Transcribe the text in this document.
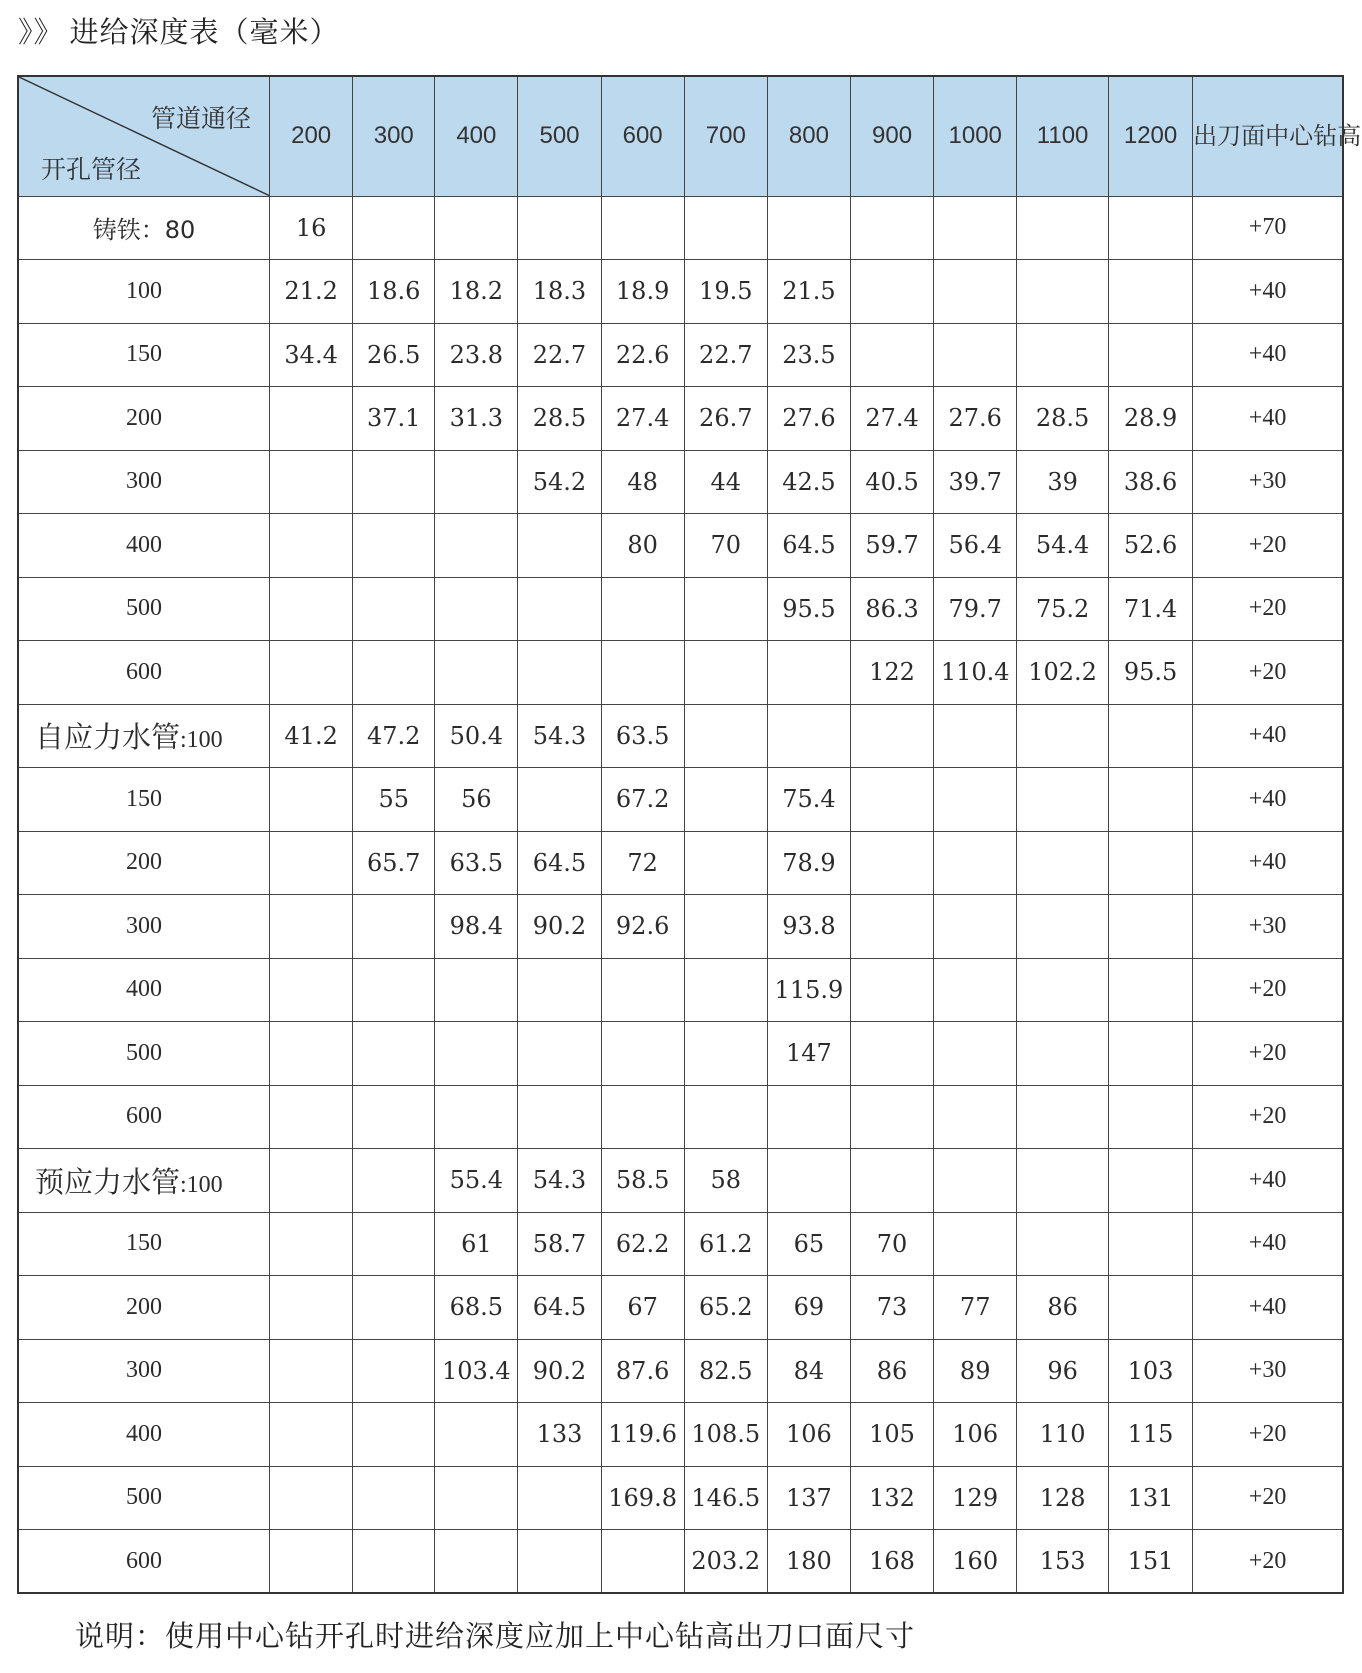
》》 进给深度表（毫米）
管道通径
开孔管径	200	300	400	500	600	700	800	900	1000	1100	1200	出刀面中心钻高
铸铁：80	16											+70
100	21.2	18.6	18.2	18.3	18.9	19.5	21.5					+40
150	34.4	26.5	23.8	22.7	22.6	22.7	23.5					+40
200		37.1	31.3	28.5	27.4	26.7	27.6	27.4	27.6	28.5	28.9	+40
300				54.2	48	44	42.5	40.5	39.7	39	38.6	+30
400					80	70	64.5	59.7	56.4	54.4	52.6	+20
500							95.5	86.3	79.7	75.2	71.4	+20
600								122	110.4	102.2	95.5	+20
自应力水管:100	41.2	47.2	50.4	54.3	63.5							+40
150		55	56		67.2		75.4					+40
200		65.7	63.5	64.5	72		78.9					+40
300			98.4	90.2	92.6		93.8					+30
400							115.9					+20
500							147					+20
600												+20
预应力水管:100			55.4	54.3	58.5	58						+40
150			61	58.7	62.2	61.2	65	70				+40
200			68.5	64.5	67	65.2	69	73	77	86		+40
300			103.4	90.2	87.6	82.5	84	86	89	96	103	+30
400				133	119.6	108.5	106	105	106	110	115	+20
500					169.8	146.5	137	132	129	128	131	+20
600						203.2	180	168	160	153	151	+20
说明：使用中心钻开孔时进给深度应加上中心钻高出刀口面尺寸
